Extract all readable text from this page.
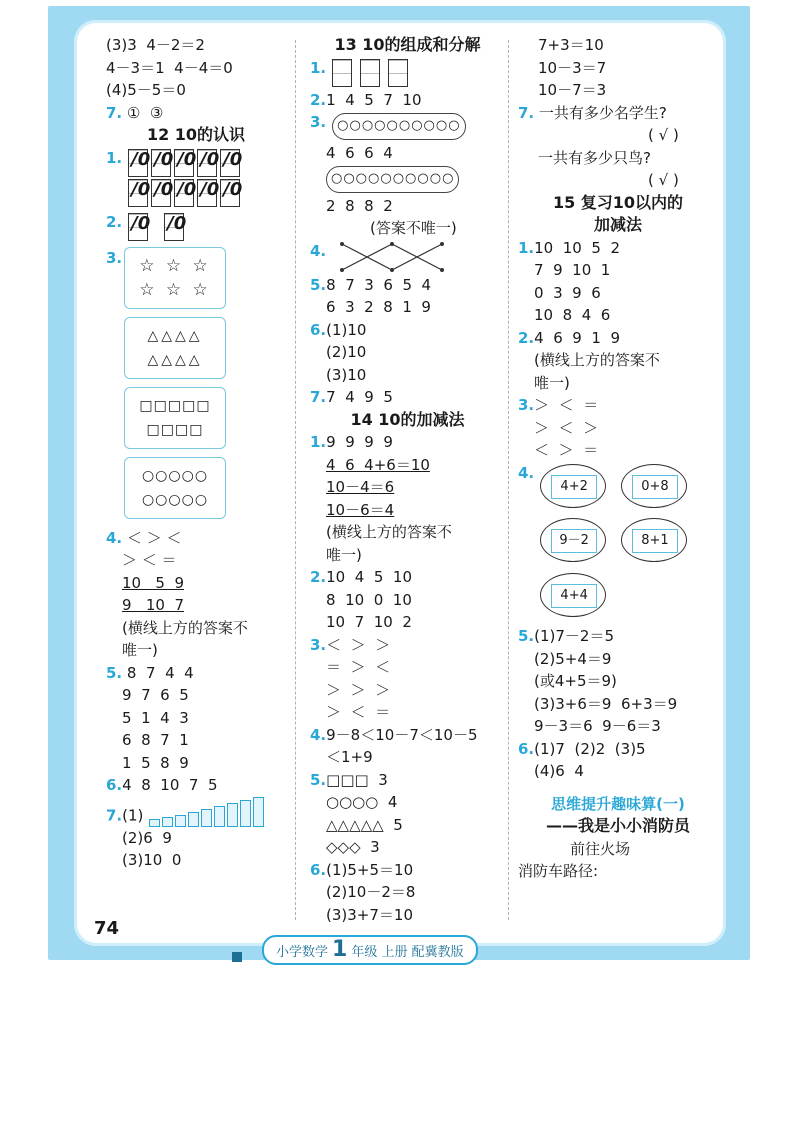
(3)3  4－2＝2
4－3＝1  4－4＝0
(4)5－5＝0
7. ①  ③
12 10的认识
1. /0 /0 /0 /0 /0
/0 /0 /0 /0 /0
2. /0 /0
3.	☆ ☆ ☆
☆ ☆ ☆
△△△△
△△△△
□□□□□
□□□□
○○○○○
○○○○○
4. ＜ ＞ ＜
＞ ＜ ＝
10   5  9
9   10  7
(横线上方的答案不
唯一)
5. 8  7  4  4
9  7  6  5
5  1  4  3
6  8  7  1
1  5  8  9
6.4  8  10  7  5
7.(1)
(2)6  9
(3)10  0
13 10的组成和分解
1.
2.1  4  5  7  10
3. ○○○○○○○○○○
4  6  6  4
○○○○○○○○○○
2  8  8  2
(答案不唯一)
4.
5.8  7  3  6  5  4
6  3  2  8  1  9
6.(1)10
(2)10
(3)10
7.7  4  9  5
14 10的加减法
1.9  9  9  9
4  6  4+6＝10
10－4＝6
10－6＝4
(横线上方的答案不
唯一)
2.10  4  5  10
8  10  0  10
10  7  10  2
3.＜  ＞  ＞
＝  ＞  ＜
＞  ＞  ＞
＞  ＜  ＝
4.9－8＜10－7＜10－5
＜1+9
5.□□□  3
○○○○  4
△△△△△  5
◇◇◇  3
6.(1)5+5＝10
(2)10－2＝8
(3)3+7＝10
7+3＝10
10－3＝7
10－7＝3
7. 一共有多少名学生?
( √ )
一共有多少只鸟?
( √ )
15 复习10以内的
加减法
1.10  10  5  2
7  9  10  1
0  3  9  6
10  8  4  6
2.4  6  9  1  9
(横线上方的答案不
唯一)
3.＞  ＜  ＝
＞  ＜  ＞
＜  ＞  ＝
4.
4+2
	0+8

9－2
	8+1

4+4
5.(1)7－2＝5
(2)5+4＝9
(或4+5＝9)
(3)3+6＝9  6+3＝9
9－3＝6  9－6＝3
6.(1)7  (2)2  (3)5
(4)6  4
思维提升趣味算(一)
——我是小小消防员
前往火场
消防车路径:
74
小学数学 1 年级 上册 配冀教版
